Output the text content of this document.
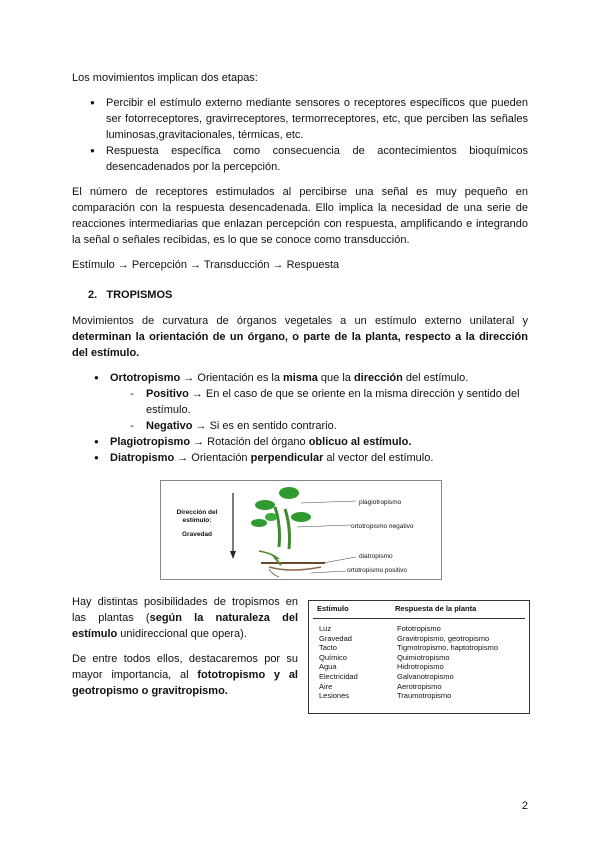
Los movimientos implican dos etapas:

● Percibir el estímulo externo mediante sensores o receptores específicos que pueden ser fotorreceptores, gravirreceptores, termorreceptores, etc, que perciben las señales luminosas,gravitacionales, térmicas, etc.
● Respuesta específica como consecuencia de acontecimientos bioquímicos desencadenados por la percepción.

El número de receptores estimulados al percibirse una señal es muy pequeño en comparación con la respuesta desencadenada. Ello implica la necesidad de una serie de reacciones intermediarias que enlazan percepción con respuesta, amplificando e integrando la señal o señales recibidas, es lo que se conoce como transducción.

Estímulo → Percepción → Transducción → Respuesta

2. TROPISMOS

Movimientos de curvatura de órganos vegetales a un estímulo externo unilateral y determinan la orientación de un órgano, o parte de la planta, respecto a la dirección del estímulo.

● Ortotropismo → Orientación es la misma que la dirección del estímulo.
- Positivo → En el caso de que se oriente en la misma dirección y sentido del estímulo.
- Negativo → Si es en sentido contrario.
● Plagiotropismo → Rotación del órgano oblicuo al estímulo.
● Diatropismo → Orientación perpendicular al vector del estímulo.
Dirección del estímulo:
Gravedad
plagiotropismo
ortotropismo negativo
diatropismo
ortotropismo positivo

Hay distintas posibilidades de tropismos en las plantas (según la naturaleza del estímulo unidireccional que opera).

De entre todos ellos, destacaremos por su mayor importancia, al fototropismo y al geotropismo o gravitropismo.

Estímulo	Respuesta de la planta
Luz	Fototropismo
Gravedad	Gravitropismo, geotropismo
Tacto	Tigmotropismo, haptotropismo
Químico	Quimiotropismo
Agua	Hidrotropismo
Electricidad	Galvanotropismo
Aire	Aerotropismo
Lesiones	Traumotropismo
2
